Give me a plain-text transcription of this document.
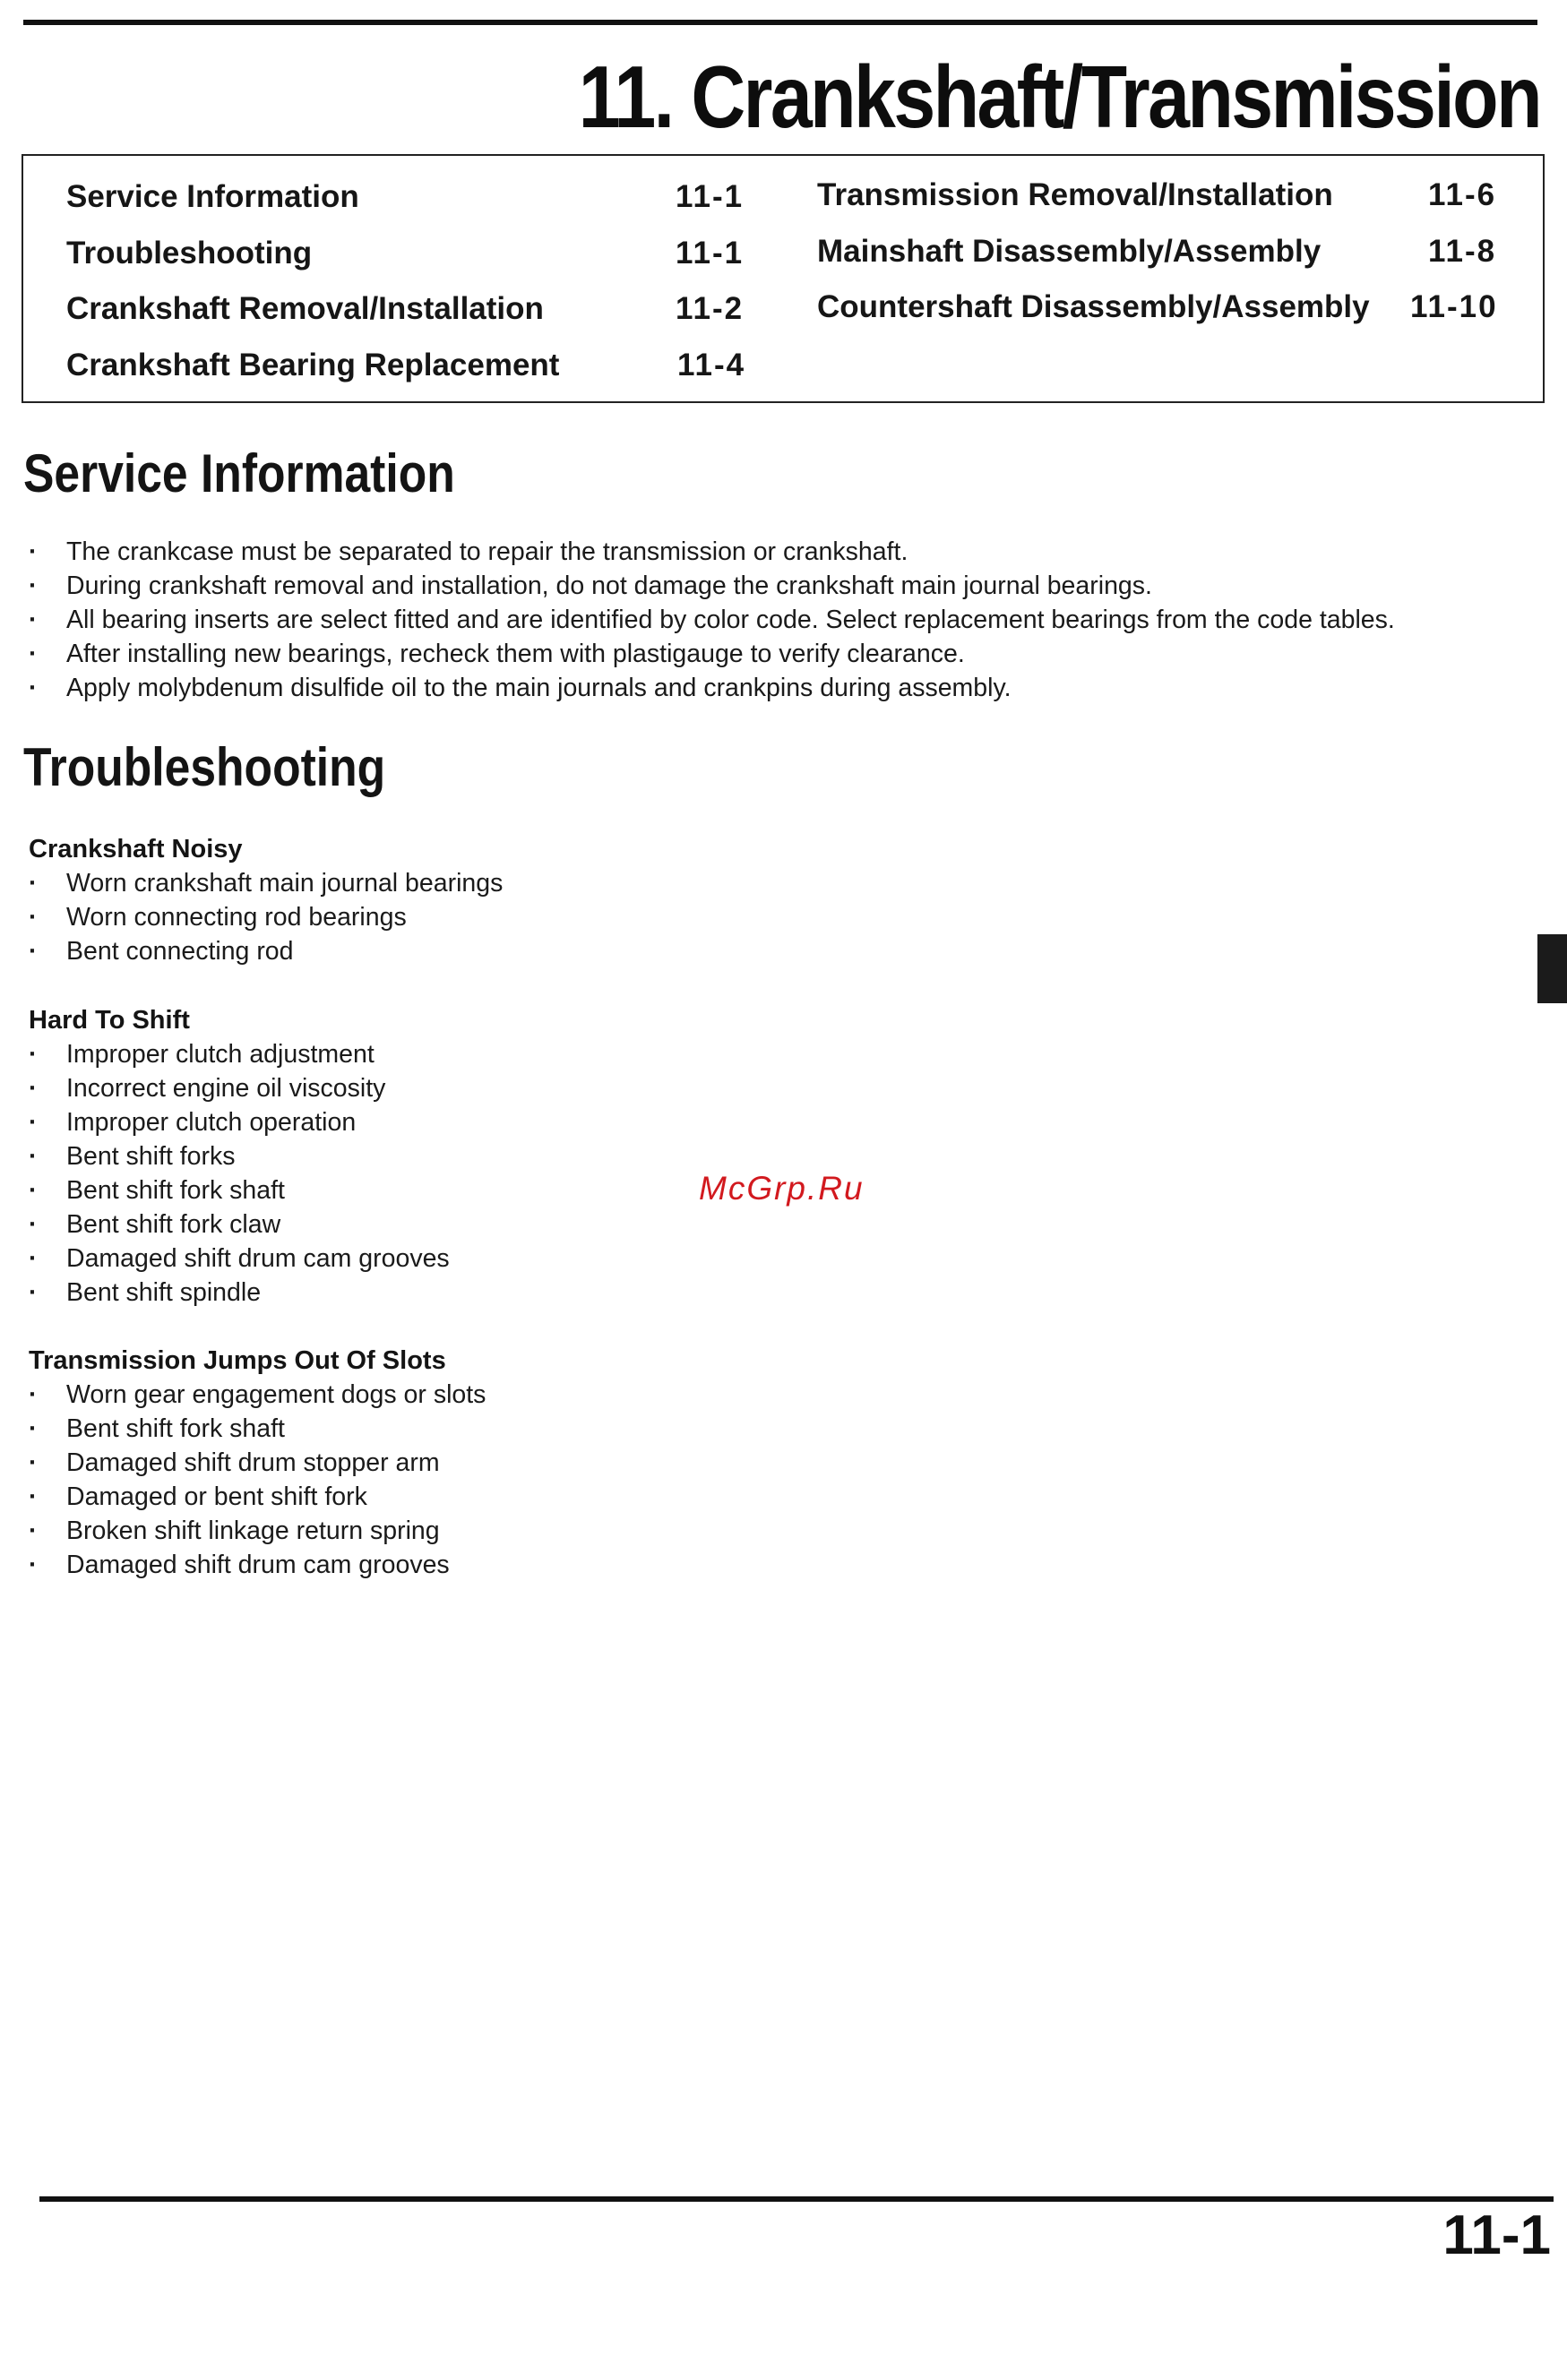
11. Crankshaft/Transmission
Service Information	11-1
Troubleshooting	11-1
Crankshaft Removal/Installation	11-2
Crankshaft Bearing Replacement	11-4
Transmission Removal/Installation	11-6
Mainshaft Disassembly/Assembly	11-8
Countershaft Disassembly/Assembly 11-10
Service Information
· The crankcase must be separated to repair the transmission or crankshaft.
· During crankshaft removal and installation, do not damage the crankshaft main journal bearings.
· All bearing inserts are select fitted and are identified by color code. Select replacement bearings from the code tables.
· After installing new bearings, recheck them with plastigauge to verify clearance.
· Apply molybdenum disulfide oil to the main journals and crankpins during assembly.
Troubleshooting
Crankshaft Noisy
· Worn crankshaft main journal bearings
· Worn connecting rod bearings
· Bent connecting rod
Hard To Shift
· Improper clutch adjustment
· Incorrect engine oil viscosity
· Improper clutch operation
· Bent shift forks
· Bent shift fork shaft
· Bent shift fork claw
· Damaged shift drum cam grooves
· Bent shift spindle
Transmission Jumps Out Of Slots
· Worn gear engagement dogs or slots
· Bent shift fork shaft
· Damaged shift drum stopper arm
· Damaged or bent shift fork
· Broken shift linkage return spring
· Damaged shift drum cam grooves
McGrp.Ru
11-1
